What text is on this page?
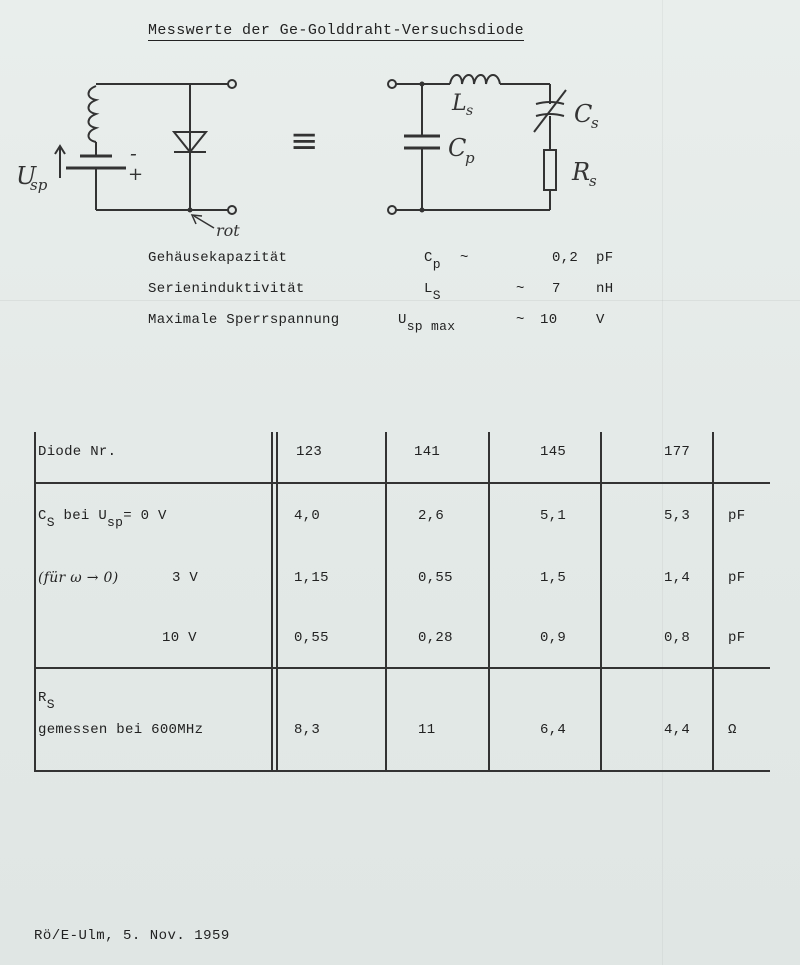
Messwerte der Ge-Golddraht-Versuchsdiode
U
sp
-
+
rot
≡
L s
C
p
C
s
R
s
Gehäusekapazität	Cp ~	0,2 pF
Serieninduktivität	LS	~ 7	nH
Maximale Sperrspannung	Usp max	~ 10	V
Diode Nr.	123	141	145	177
CS bei Usp= 0 V	4,0	2,6	5,1	5,3	pF
(für ω → 0)	3 V	1,15	0,55	1,5	1,4	pF
10 V	0,55	0,28	0,9	0,8	pF
RS
gemessen bei 600MHz	8,3	11	6,4	4,4	Ω
Rö/E-Ulm, 5. Nov. 1959
